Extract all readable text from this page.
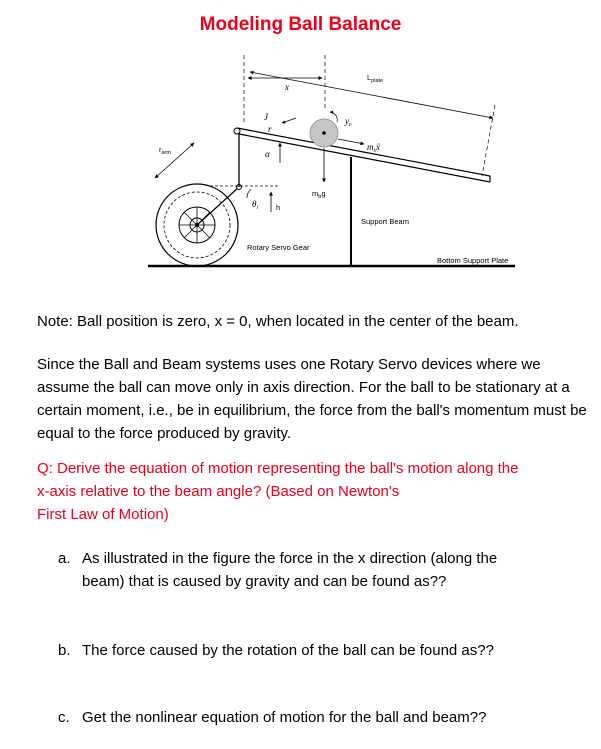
Modeling Ball Balance
$r_{arm}$
Support Beam
x
$L_{plate}$
J
r
$y_b$
$m_bẍ$
$m_bg$
α
$\theta_l$ h
Rotary Servo Gear
Bottom Support Plate
Note: Ball position is zero, x = 0, when located in the center of the beam.
Since the Ball and Beam systems uses one Rotary Servo devices where we assume the ball can move only in axis direction. For the ball to be stationary at a certain moment, i.e., be in equilibrium, the force from the ball's momentum must be equal to the force produced by gravity.
Q: Derive the equation of motion representing the ball's motion along the
x-axis relative to the beam angle? (Based on Newton's
First Law of Motion)
a. As illustrated in the figure the force in the x direction (along the
beam) that is caused by gravity and can be found as??
b. The force caused by the rotation of the ball can be found as??
c. Get the nonlinear equation of motion for the ball and beam??
